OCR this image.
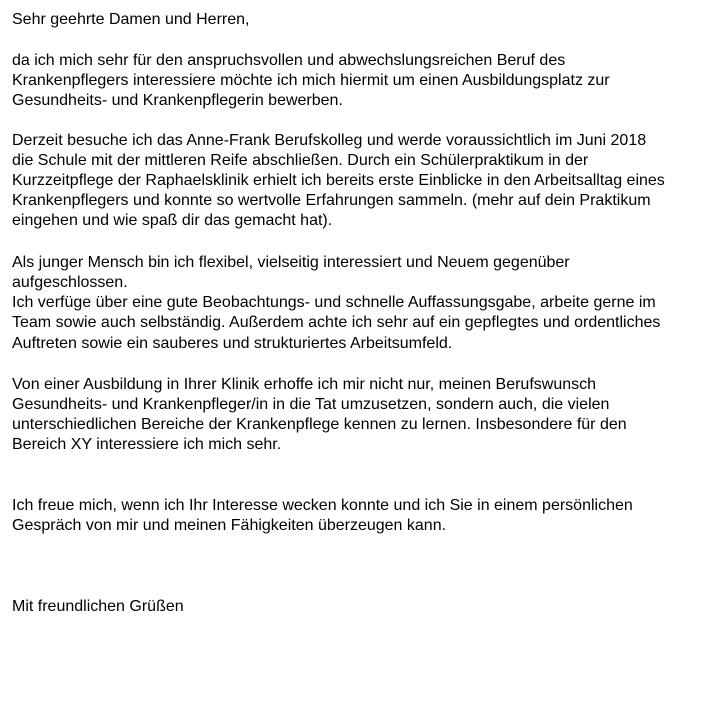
Sehr geehrte Damen und Herren,

da ich mich sehr für den anspruchsvollen und abwechslungsreichen Beruf des

Krankenpflegers interessiere möchte ich mich hiermit um einen Ausbildungsplatz zur

Gesundheits- und Krankenpflegerin bewerben.

Derzeit besuche ich das Anne-Frank Berufskolleg und werde voraussichtlich im Juni 2018

die Schule mit der mittleren Reife abschließen. Durch ein Schülerpraktikum in der

Kurzzeitpflege der Raphaelsklinik erhielt ich bereits erste Einblicke in den Arbeitsalltag eines

Krankenpflegers und konnte so wertvolle Erfahrungen sammeln. (mehr auf dein Praktikum

eingehen und wie spaß dir das gemacht hat).

Als junger Mensch bin ich flexibel, vielseitig interessiert und Neuem gegenüber

aufgeschlossen.

Ich verfüge über eine gute Beobachtungs- und schnelle Auffassungsgabe, arbeite gerne im

Team sowie auch selbständig. Außerdem achte ich sehr auf ein gepflegtes und ordentliches

Auftreten sowie ein sauberes und strukturiertes Arbeitsumfeld.

Von einer Ausbildung in Ihrer Klinik erhoffe ich mir nicht nur, meinen Berufswunsch

Gesundheits- und Krankenpfleger/in in die Tat umzusetzen, sondern auch, die vielen

unterschiedlichen Bereiche der Krankenpflege kennen zu lernen. Insbesondere für den

Bereich XY interessiere ich mich sehr.

Ich freue mich, wenn ich Ihr Interesse wecken konnte und ich Sie in einem persönlichen

Gespräch von mir und meinen Fähigkeiten überzeugen kann.

Mit freundlichen Grüßen
